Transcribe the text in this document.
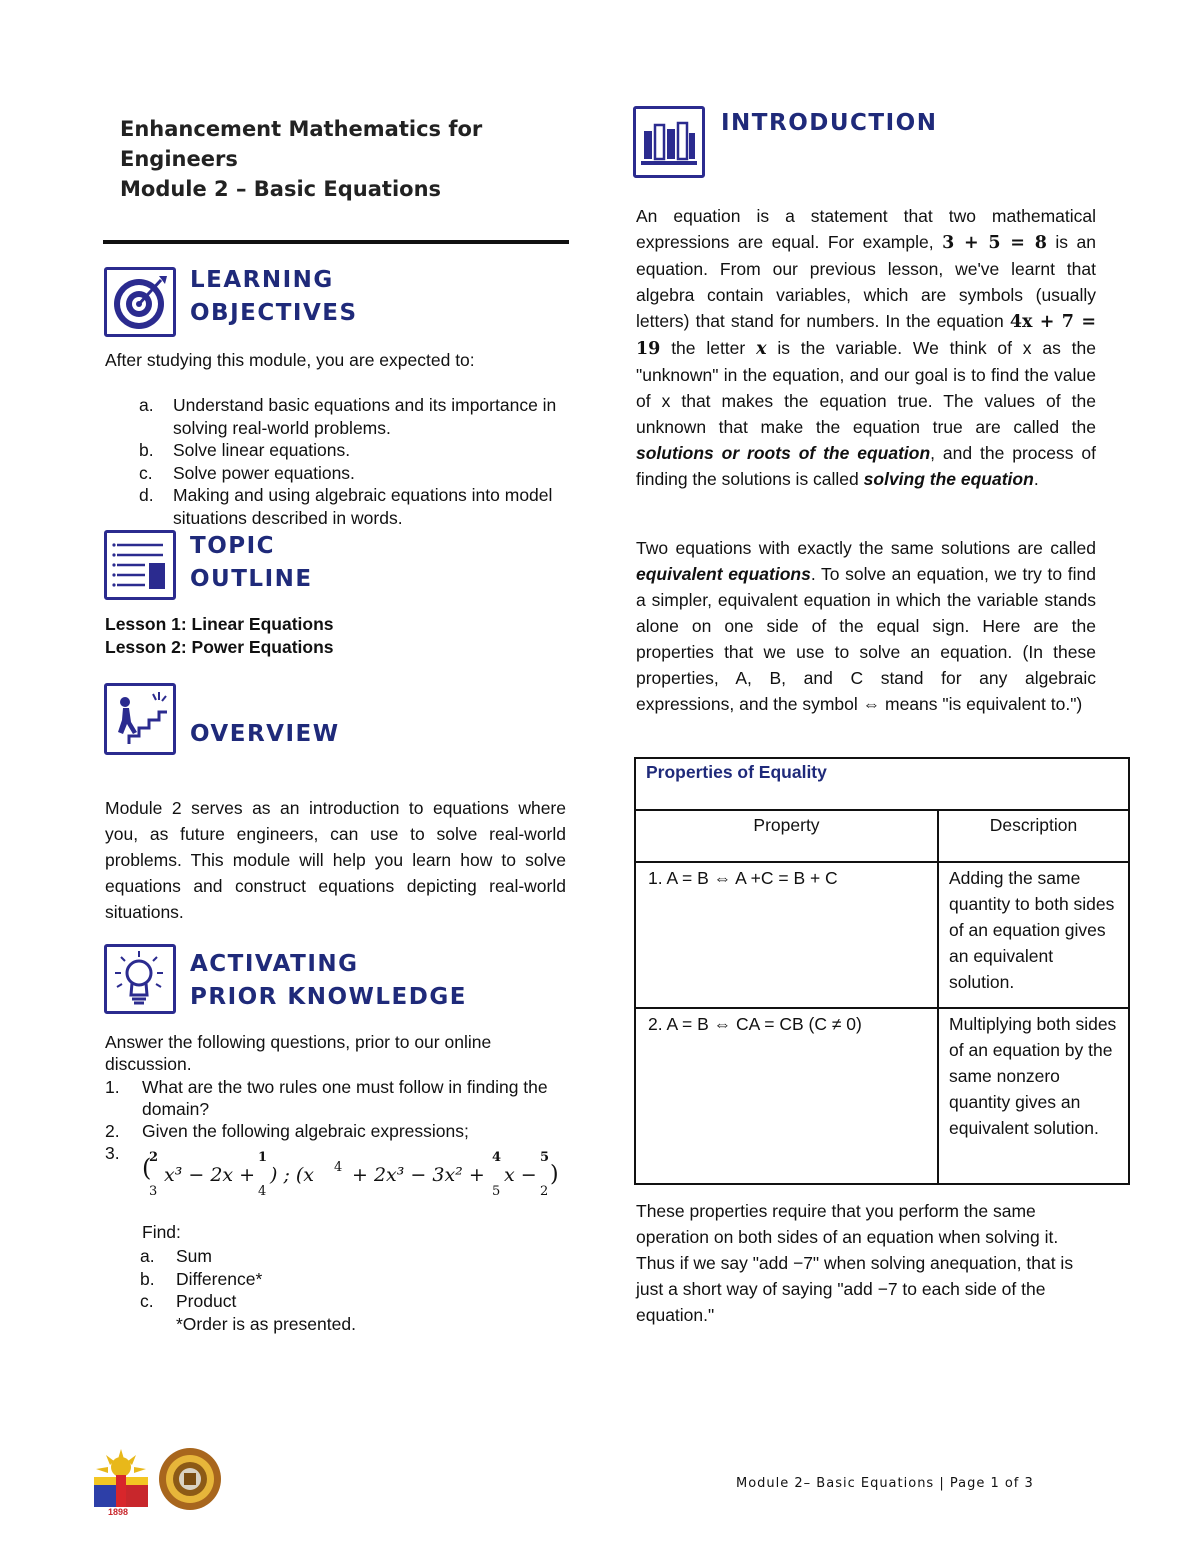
Enhancement Mathematics for
Engineers
Module 2 – Basic Equations
LEARNING
OBJECTIVES
After studying this module, you are expected to:
a. Understand basic equations and its importance in solving real-world problems.
b. Solve linear equations.
c. Solve power equations.
d. Making and using algebraic equations into model situations described in words.
TOPIC
OUTLINE
Lesson 1: Linear Equations
Lesson 2: Power Equations
OVERVIEW
Module 2 serves as an introduction to equations where you, as future engineers, can use to solve real-world problems. This module will help you learn how to solve equations and construct equations depicting real-world situations.
ACTIVATING
PRIOR KNOWLEDGE
Answer the following questions, prior to our online discussion.
1. What are the two rules one must follow in finding the domain?
2. Given the following algebraic expressions;
3.
(
2
3
x³ − 2x +
1
4
) ; (x 4 + 2x³ − 3x² +
4
5
x −
5
2
)
Find:
a. Sum
b. Difference*
c. Product
*Order is as presented.
INTRODUCTION
An equation is a statement that two mathematical expressions are equal. For example, 3 + 5 = 8 is an equation. From our previous lesson, we've learnt that algebra contain variables, which are symbols (usually letters) that stand for numbers. In the equation 4x + 7 = 19 the letter x is the variable. We think of x as the "unknown" in the equation, and our goal is to find the value of x that makes the equation true. The values of the unknown that make the equation true are called the solutions or roots of the equation, and the process of finding the solutions is called solving the equation.
Two equations with exactly the same solutions are called equivalent equations. To solve an equation, we try to find a simpler, equivalent equation in which the variable stands alone on one side of the equal sign. Here are the properties that we use to solve an equation. (In these properties, A, B, and C stand for any algebraic expressions, and the symbol ⇔ means "is equivalent to.")
Properties of Equality	
Property	Description
1. A = B ⇔ A +C = B + C	Adding the same quantity to both sides of an equation gives an equivalent solution.
2. A = B ⇔ CA = CB (C ≠ 0)	Multiplying both sides of an equation by the same nonzero quantity gives an equivalent solution.
These properties require that you perform the same operation on both sides of an equation when solving it. Thus if we say "add −7" when solving anequation, that is just a short way of saying "add −7 to each side of the equation."
1898
Module 2– Basic Equations | Page 1 of 3
